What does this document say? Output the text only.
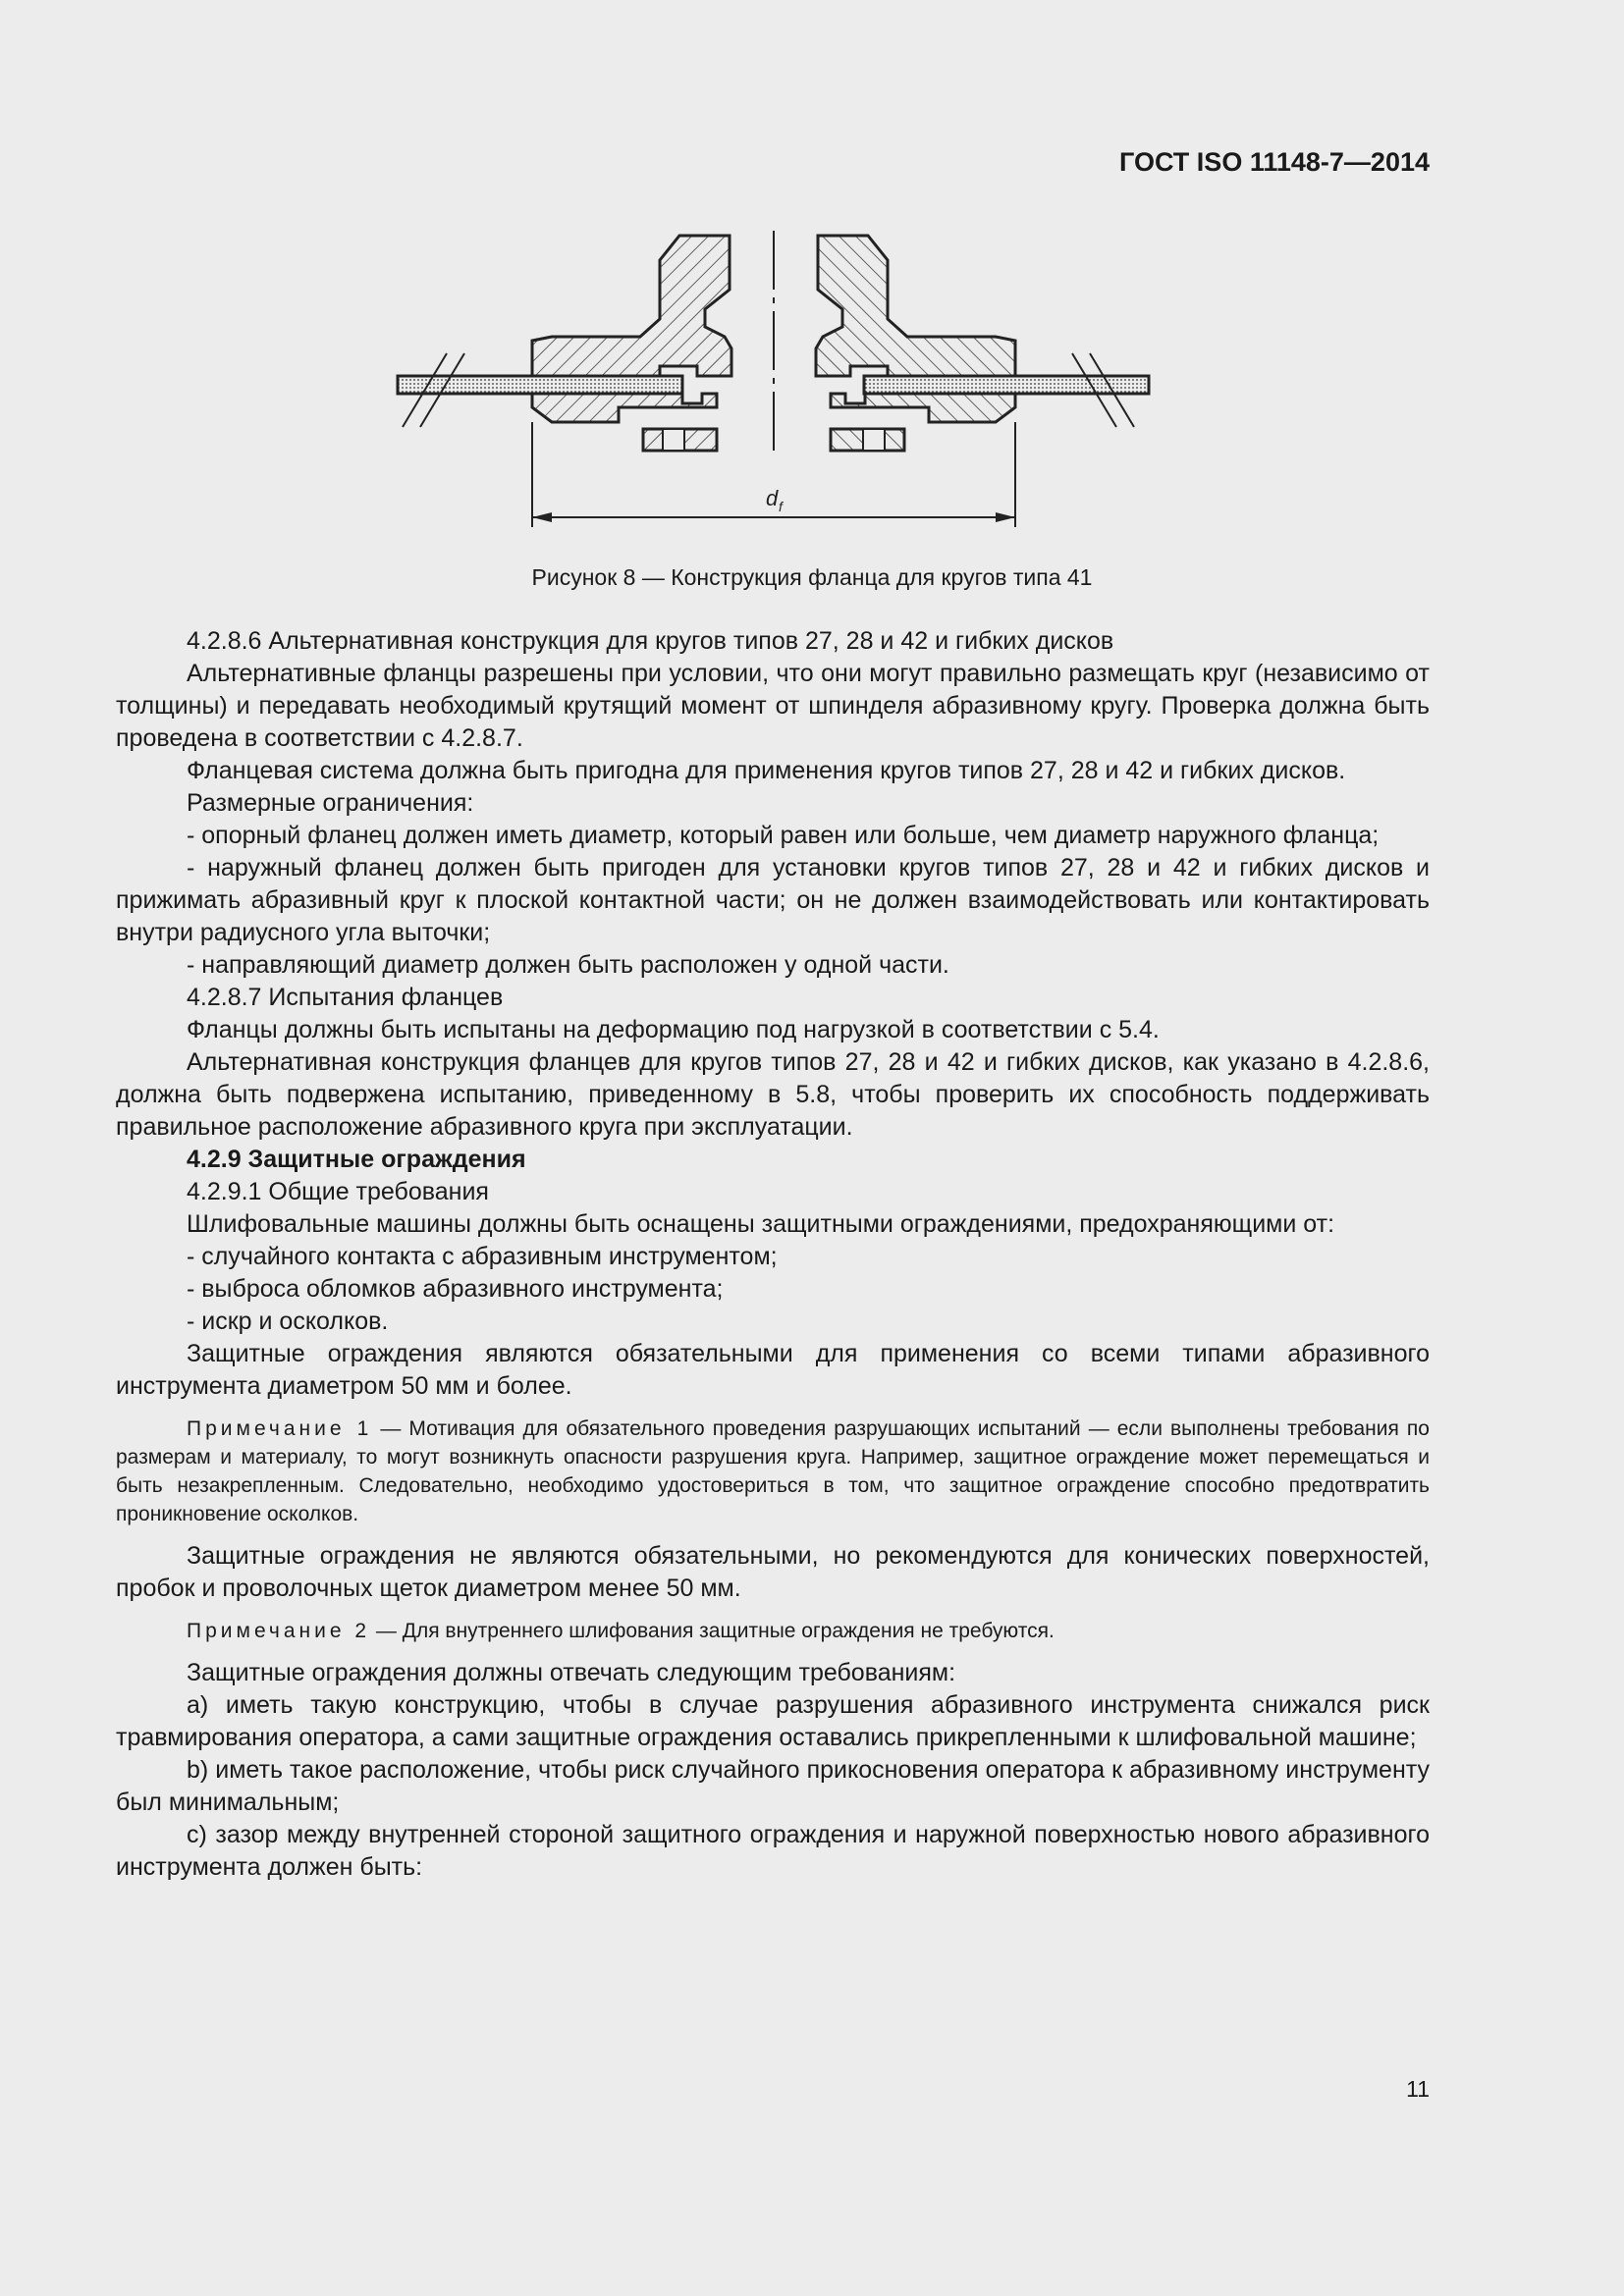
ГОСТ ISO 11148-7—2014
d f
Рисунок 8 — Конструкция фланца для кругов типа 41

4.2.8.6 Альтернативная конструкция для кругов типов 27, 28 и 42 и гибких дисков

Альтернативные фланцы разрешены при условии, что они могут правильно размещать круг (независимо от толщины) и передавать необходимый крутящий момент от шпинделя абразивному кругу. Проверка должна быть проведена в соответствии с 4.2.8.7.

Фланцевая система должна быть пригодна для применения кругов типов 27, 28 и 42 и гибких дисков.

Размерные ограничения:

- опорный фланец должен иметь диаметр, который равен или больше, чем диаметр наружного фланца;

- наружный фланец должен быть пригоден для установки кругов типов 27, 28 и 42 и гибких дисков и прижимать абразивный круг к плоской контактной части; он не должен взаимодействовать или контактировать внутри радиусного угла выточки;

- направляющий диаметр должен быть расположен у одной части.

4.2.8.7 Испытания фланцев

Фланцы должны быть испытаны на деформацию под нагрузкой в соответствии с 5.4.

Альтернативная конструкция фланцев для кругов типов 27, 28 и 42 и гибких дисков, как указано в 4.2.8.6, должна быть подвержена испытанию, приведенному в 5.8, чтобы проверить их способность поддерживать правильное расположение абразивного круга при эксплуатации.

4.2.9 Защитные ограждения

4.2.9.1 Общие требования

Шлифовальные машины должны быть оснащены защитными ограждениями, предохраняющими от:

- случайного контакта с абразивным инструментом;

- выброса обломков абразивного инструмента;

- искр и осколков.

Защитные ограждения являются обязательными для применения со всеми типами абразивного инструмента диаметром 50 мм и более.

Примечание 1 — Мотивация для обязательного проведения разрушающих испытаний — если выполнены требования по размерам и материалу, то могут возникнуть опасности разрушения круга. Например, защитное ограждение может перемещаться и быть незакрепленным. Следовательно, необходимо удостовериться в том, что защитное ограждение способно предотвратить проникновение осколков.

Защитные ограждения не являются обязательными, но рекомендуются для конических поверхностей, пробок и проволочных щеток диаметром менее 50 мм.

Примечание 2 — Для внутреннего шлифования защитные ограждения не требуются.

Защитные ограждения должны отвечать следующим требованиям:

a) иметь такую конструкцию, чтобы в случае разрушения абразивного инструмента снижался риск травмирования оператора, а сами защитные ограждения оставались прикрепленными к шлифовальной машине;

b) иметь такое расположение, чтобы риск случайного прикосновения оператора к абразивному инструменту был минимальным;

c) зазор между внутренней стороной защитного ограждения и наружной поверхностью нового абразивного инструмента должен быть:

11
